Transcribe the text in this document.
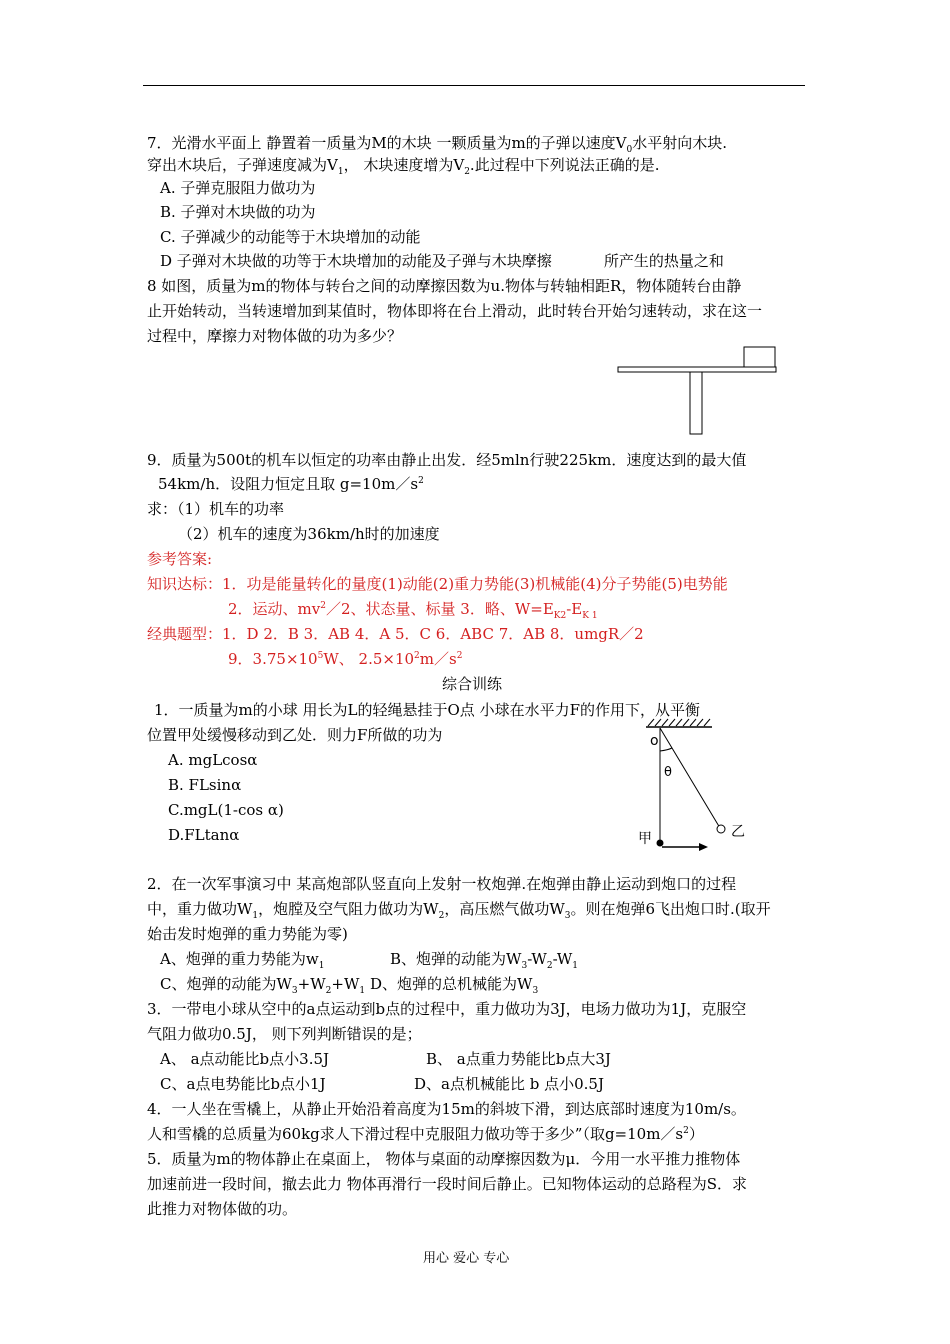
7．光滑水平面上 静置着一质量为M的木块 一颗质量为m的子弹以速度$V_0$水平射向木块.
穿出木块后，子弹速度减为$V_1$， 木块速度增为$V_2$.此过程中下列说法正确的是.
A. 子弹克服阻力做功为
B. 子弹对木块做的功为
C. 子弹减少的动能等于木块增加的动能
D 子弹对木块做的功等于木块增加的动能及子弹与木块摩擦	所产生的热量之和
8 如图，质量为m的物体与转台之间的动摩擦因数为u.物体与转轴相距R，物体随转台由静
止开始转动，当转速增加到某值时，物体即将在台上滑动，此时转台开始匀速转动，求在这一
过程中，摩擦力对物体做的功为多少？
9．质量为500t的机车以恒定的功率由静止出发．经5mln行驶225km．速度达到的最大值
54km/h．设阻力恒定且取 $g=10m/s^2$
求：（1）机车的功率
（2）机车的速度为36km/h时的加速度
参考答案:
知识达标：1．功是能量转化的量度(1)动能(2)重力势能(3)机械能(4)分子势能(5)电势能
2．运动、$mv^2/2$、状态量、标量 3．略、$W=E_{K2}-E_{K 1}$
经典题型：1．D 2．B 3．AB 4．A 5．C 6．ABC 7．AB 8．umgR／2
9．$3.75\times 10^5W$、 $2.5\times 10^2m/s^2$
综合训练
1．一质量为m的小球 用长为L的轻绳悬挂于O点 小球在水平力F的作用下，从平衡
位置甲处缓慢移动到乙处．则力F所做的功为
A. mgLcosα
B. FLsinα
C.mgL(1-cos α)
D.FLtanα
o
θ
乙
甲
2．在一次军事演习中 某高炮部队竖直向上发射一枚炮弹.在炮弹由静止运动到炮口的过程
中，重力做功$W_1$，炮膛及空气阻力做功为$W_2$，高压燃气做功$W_3$。则在炮弹6飞出炮口时.(取开
始击发时炮弹的重力势能为零)
A、炮弹的重力势能为$w_1$	B、炮弹的动能为$W_3-W_2-W_1$
C、炮弹的动能为$W_3+W_2+W_1$ D、炮弹的总机械能为$W_3$
3．一带电小球从空中的a点运动到b点的过程中，重力做功为3J，电场力做功为1J，克服空
气阻力做功0.5J， 则下列判断错误的是；
A、 a点动能比b点小3.5J	B、 a点重力势能比b点大3J
C、a点电势能比b点小1J	D、a点机械能比 b 点小0.5J
4．一人坐在雪橇上，从静止开始沿着高度为15m的斜坡下滑，到达底部时速度为10m/s。
人和雪橇的总质量为60kg求人下滑过程中克服阻力做功等于多少”（取$g=10m/s^2$）
5．质量为m的物体静止在桌面上， 物体与桌面的动摩擦因数为μ．今用一水平推力推物体
加速前进一段时间，撤去此力 物体再滑行一段时间后静止。已知物体运动的总路程为S．求
此推力对物体做的功。
用心 爱心 专心
